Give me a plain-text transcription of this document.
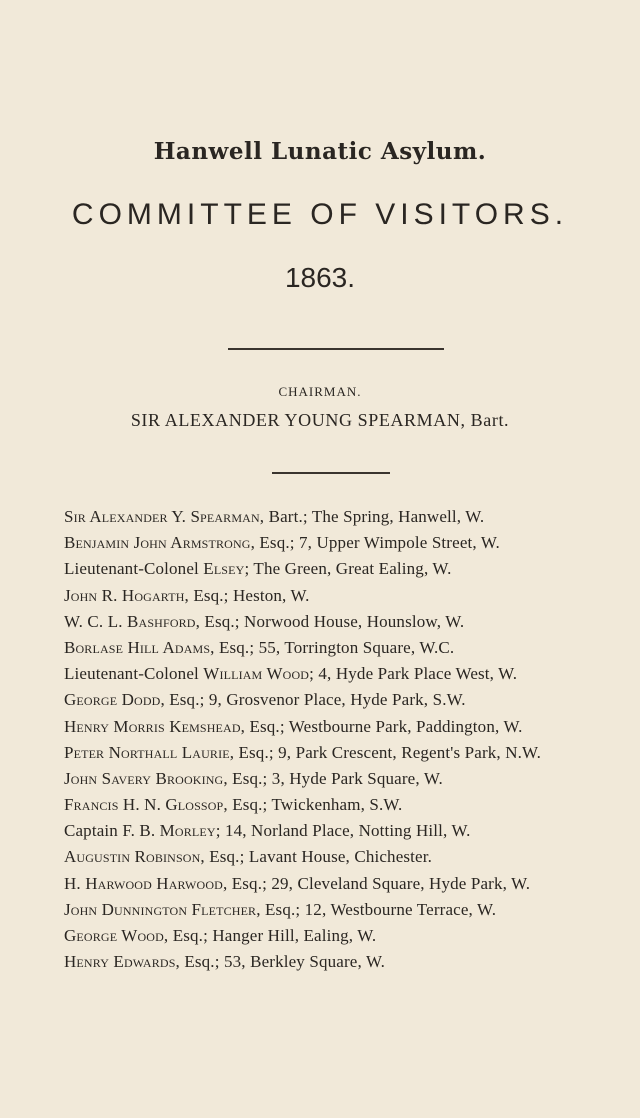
Hanwell Lunatic Asylum.
COMMITTEE OF VISITORS.
1863.
CHAIRMAN.
SIR ALEXANDER YOUNG SPEARMAN, Bart.
Sir Alexander Y. Spearman, Bart.; The Spring, Hanwell, W.
Benjamin John Armstrong, Esq.; 7, Upper Wimpole Street, W.
Lieutenant-Colonel Elsey; The Green, Great Ealing, W.
John R. Hogarth, Esq.; Heston, W.
W. C. L. Bashford, Esq.; Norwood House, Hounslow, W.
Borlase Hill Adams, Esq.; 55, Torrington Square, W.C.
Lieutenant-Colonel William Wood; 4, Hyde Park Place West, W.
George Dodd, Esq.; 9, Grosvenor Place, Hyde Park, S.W.
Henry Morris Kemshead, Esq.; Westbourne Park, Paddington, W.
Peter Northall Laurie, Esq.; 9, Park Crescent, Regent's Park, N.W.
John Savery Brooking, Esq.; 3, Hyde Park Square, W.
Francis H. N. Glossop, Esq.; Twickenham, S.W.
Captain F. B. Morley; 14, Norland Place, Notting Hill, W.
Augustin Robinson, Esq.; Lavant House, Chichester.
H. Harwood Harwood, Esq.; 29, Cleveland Square, Hyde Park, W.
John Dunnington Fletcher, Esq.; 12, Westbourne Terrace, W.
George Wood, Esq.; Hanger Hill, Ealing, W.
Henry Edwards, Esq.; 53, Berkley Square, W.
